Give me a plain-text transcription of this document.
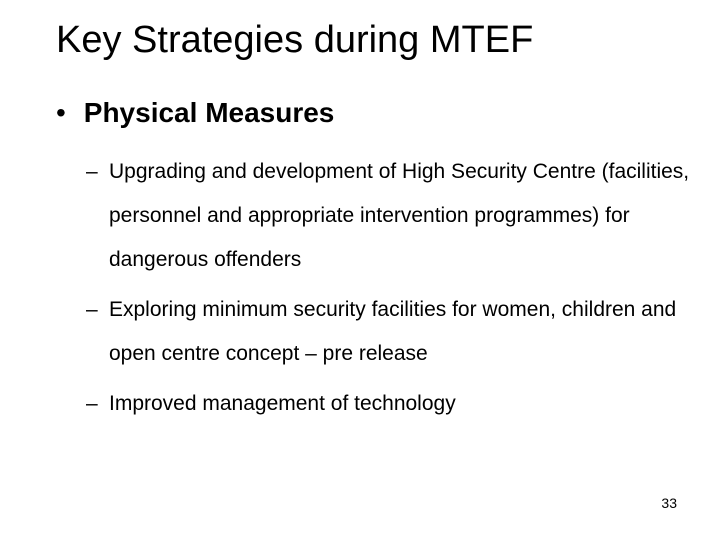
Key Strategies during MTEF
• Physical Measures
– Upgrading and development of High Security Centre (facilities, personnel and appropriate intervention programmes) for dangerous offenders
– Exploring minimum security facilities for women, children and open centre concept – pre release
– Improved management of technology
33
